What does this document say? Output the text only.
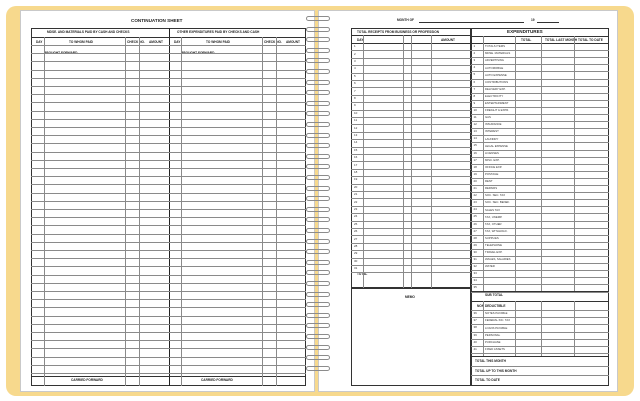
CONTINUATION SHEET
MDSE. AND MATERIALS PAID BY CASH AND CHECKS	OTHER EXPENDITURES PAID BY CHECKS AND CASH
DAY	TO WHOM PAID	CHECK NO. AMOUNT	DAY	TO WHOM PAID	CHECK NO. AMOUNT
BROUGHT FORWARD	BROUGHT FORWARD
CARRIED FORWARD	CARRIED FORWARD
MONTH OF	19
TOTAL RECEIPTS FROM BUSINESS OR PROFESSION
DAY	AMOUNT
TOTAL
1
2
3
4
5
6
7
8
9
10
11
12
13
14
15
16
17
18
19
20
21
22
23
24
25
26
27
28
29
30
31
MEMO
EXPENDITURES
TOTAL	TOTAL LAST MONTH TOTAL TO DATE
1	TOTALS ITEMS
2	MDSE. MATERIALS
3	ADVERTISING
4	AUTOMOBILE
5	AUTO EXPENSE
6	CONTRIBUTIONS
7	DELIVERY EXP.
8	ELECTRICITY
9	ENTERTAINMENT
10	FREIGHT & EXPR.
11	GAS
12	INSURANCE
13	INTEREST
14	LAUNDRY
15	LEGAL EXPENSE
16	LICENSES
17	MISC. EXP.
18	OFFICE EXP.
19	POSTAGE
20	RENT
21	REPAIRS
22	SOC. SEC. TAX
23	SOC. SEC. BENEF.
24	SALES TAX
25	TAX, UNEMP.
26	TAX, OTHER
27	TAX, WITHHOLD.
28	SUPPLIES
29	TELEPHONE
30	TRAVEL EXP.
31	WAGES, SALARIES
32	WATER
33
34
35
SUB TOTAL
NON DEDUCTIBLE
36	NOTES PAYABLE
37	FEDERAL INC. TAX
38	LOANS PAYABLE
39	PERSONAL
40	PURCHASE
41	FIXED ASSETS
TOTAL THIS MONTH
TOTAL UP TO THIS MONTH
TOTAL TO DATE
